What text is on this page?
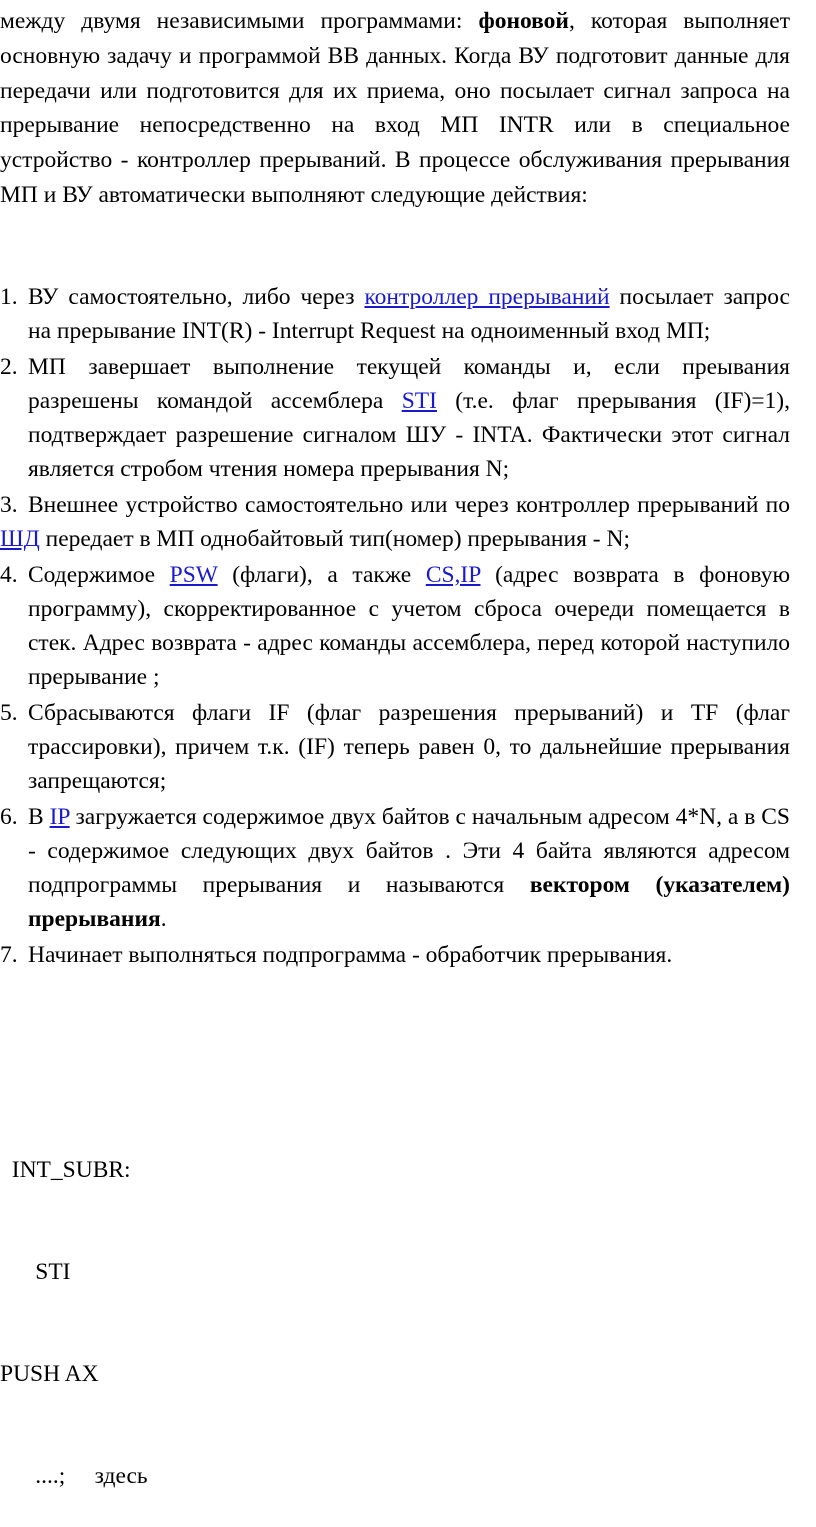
между двумя независимыми программами: фоновой, которая выполняет основную задачу и программой ВВ данных. Когда ВУ подготовит данные для передачи или подготовится для их приема, оно посылает сигнал запроса на прерывание непосредственно на вход МП INTR или в специальное устройство - контроллер прерываний. В процессе обслуживания прерывания МП и ВУ автоматически выполняют следующие действия:
1. ВУ самостоятельно, либо через контроллер прерываний посылает запрос на прерывание INT(R) - Interrupt Request на одноименный вход МП;
2. МП завершает выполнение текущей команды и, если преывания разрешены командой ассемблера STI (т.е. флаг прерывания (IF)=1), подтверждает разрешение сигналом ШУ - INTA. Фактически этот сигнал является стробом чтения номера прерывания N;
3. Внешнее устройство самостоятельно или через контроллер прерываний по ШД передает в МП однобайтовый тип(номер) прерывания - N;
4. Содержимое PSW (флаги), а также CS,IP (адрес возврата в фоновую программу), скорректированное с учетом сброса очереди помещается в стек. Адрес возврата - адрес команды ассемблера, перед которой наступило прерывание ;
5. Сбрасываются флаги IF (флаг разрешения прерываний) и TF (флаг трассировки), причем т.к. (IF) теперь равен 0, то дальнейшие прерывания запрещаются;
6. В IP загружается содержимое двух байтов с начальным адресом 4*N, а в CS - содержимое следующих двух байтов . Эти 4 байта являются адресом подпрограммы прерывания и называются вектором (указателем) прерывания.
7. Начинает выполняться подпрограмма - обработчик прерывания.

INT_SUBR:

STI

PUSH AX

....;     здесь
